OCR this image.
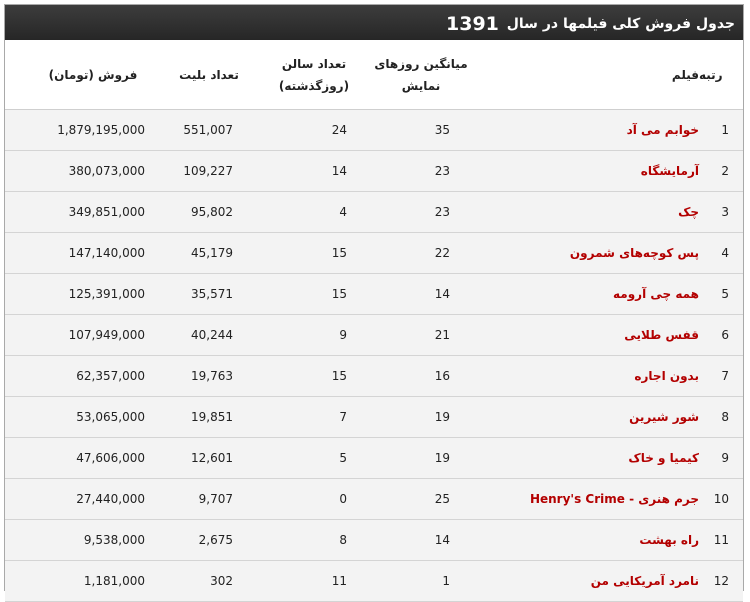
جدول فروش کلی فیلمها در سال 1391
رتبه
فیلم
میانگین روزهای نمایش
تعداد سالن (روزگذشته)
تعداد بلیت
فروش (تومان)
1
خوابم می آد
35
24
551,007
1,879,195,000
2
آرمایشگاه
23
14
109,227
380,073,000
3
چک
23
4
95,802
349,851,000
4
پس کوچه‌های شمرون
22
15
45,179
147,140,000
5
همه چی آرومه
14
15
35,571
125,391,000
6
قفس طلایی
21
9
40,244
107,949,000
7
بدون اجاره
16
15
19,763
62,357,000
8
شور شیرین
19
7
19,851
53,065,000
9
کیمیا و خاک
19
5
12,601
47,606,000
10
جرم هنری - Henry's Crime
25
0
9,707
27,440,000
11
راه بهشت
14
8
2,675
9,538,000
12
نامرد آمریکایی من
1
11
302
1,181,000
